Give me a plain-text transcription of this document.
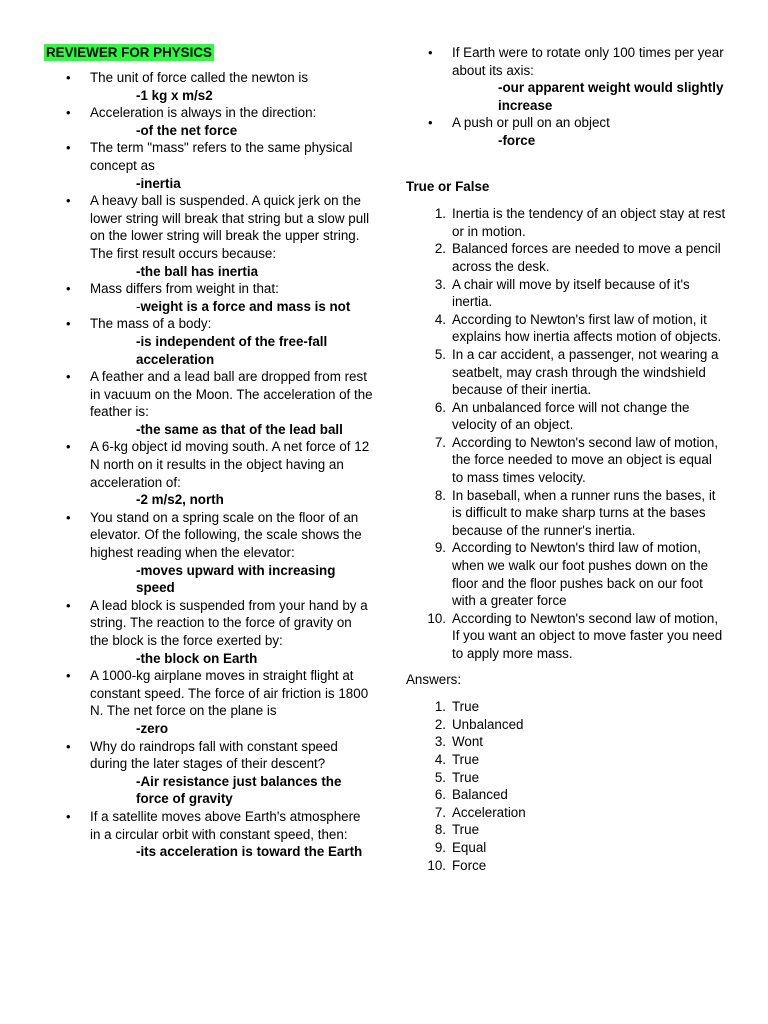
REVIEWER FOR PHYSICS
• The unit of force called the newton is
-1 kg x m/s2
• Acceleration is always in the direction:
-of the net force
• The term "mass" refers to the same physical concept as
-inertia
• A heavy ball is suspended. A quick jerk on the lower string will break that string but a slow pull on the lower string will break the upper string. The first result occurs because:
-the ball has inertia
• Mass differs from weight in that:
-weight is a force and mass is not
• The mass of a body:
-is independent of the free-fall acceleration
• A feather and a lead ball are dropped from rest in vacuum on the Moon. The acceleration of the feather is:
-the same as that of the lead ball
• A 6-kg object id moving south. A net force of 12 N north on it results in the object having an acceleration of:
-2 m/s2, north
• You stand on a spring scale on the floor of an elevator. Of the following, the scale shows the highest reading when the elevator:
-moves upward with increasing speed
• A lead block is suspended from your hand by a string. The reaction to the force of gravity on the block is the force exerted by:
-the block on Earth
• A 1000-kg airplane moves in straight flight at constant speed. The force of air friction is 1800 N. The net force on the plane is
-zero
• Why do raindrops fall with constant speed during the later stages of their descent?
-Air resistance just balances the force of gravity
• If a satellite moves above Earth's atmosphere in a circular orbit with constant speed, then:
-its acceleration is toward the Earth
• If Earth were to rotate only 100 times per year about its axis:
-our apparent weight would slightly increase
• A push or pull on an object
-force
True or False
1. Inertia is the tendency of an object stay at rest or in motion.
2. Balanced forces are needed to move a pencil across the desk.
3. A chair will move by itself because of it's inertia.
4. According to Newton's first law of motion, it explains how inertia affects motion of objects.
5. In a car accident, a passenger, not wearing a seatbelt, may crash through the windshield because of their inertia.
6. An unbalanced force will not change the velocity of an object.
7. According to Newton's second law of motion, the force needed to move an object is equal to mass times velocity.
8. In baseball, when a runner runs the bases, it is difficult to make sharp turns at the bases because of the runner's inertia.
9. According to Newton's third law of motion, when we walk our foot pushes down on the floor and the floor pushes back on our foot with a greater force
10. According to Newton's second law of motion, If you want an object to move faster you need to apply more mass.
Answers:
1. True
2. Unbalanced
3. Wont
4. True
5. True
6. Balanced
7. Acceleration
8. True
9. Equal
10. Force
